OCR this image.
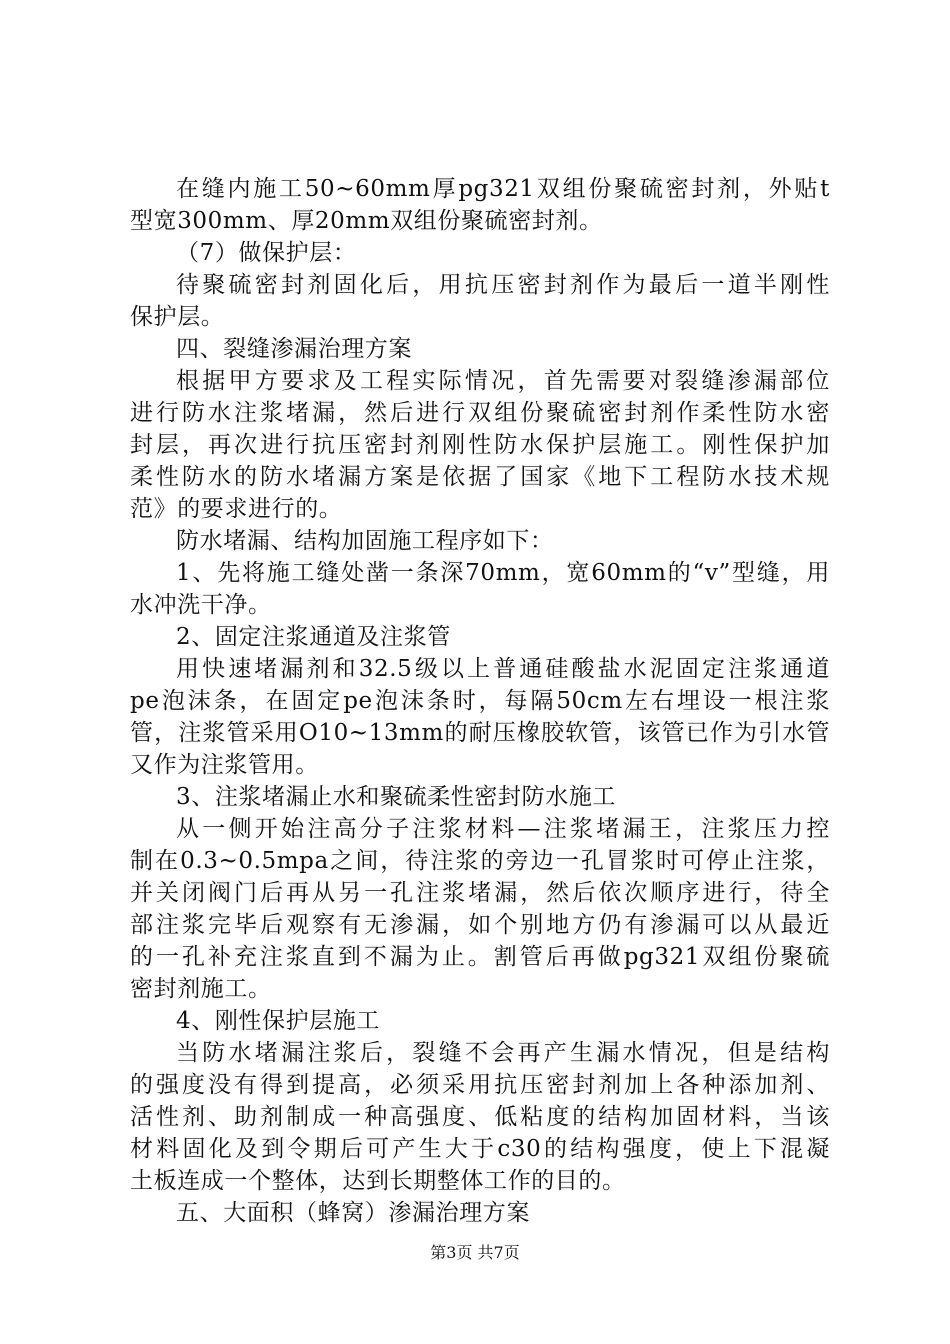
在缝内施工50~60mm厚pg321双组份聚硫密封剂，外贴t
型宽300mm、厚20mm双组份聚硫密封剂。
（7）做保护层：
待聚硫密封剂固化后，用抗压密封剂作为最后一道半刚性
保护层。
四、裂缝渗漏治理方案
根据甲方要求及工程实际情况，首先需要对裂缝渗漏部位
进行防水注浆堵漏，然后进行双组份聚硫密封剂作柔性防水密
封层，再次进行抗压密封剂刚性防水保护层施工。刚性保护加
柔性防水的防水堵漏方案是依据了国家《地下工程防水技术规
范》的要求进行的。
防水堵漏、结构加固施工程序如下：
1、先将施工缝处凿一条深70mm，宽60mm的“v”型缝，用
水冲洗干净。
2、固定注浆通道及注浆管
用快速堵漏剂和32.5级以上普通硅酸盐水泥固定注浆通道
pe泡沫条，在固定pe泡沫条时，每隔50cm左右埋设一根注浆
管，注浆管采用O10~13mm的耐压橡胶软管，该管已作为引水管
又作为注浆管用。
3、注浆堵漏止水和聚硫柔性密封防水施工
从一侧开始注高分子注浆材料—注浆堵漏王，注浆压力控
制在0.3~0.5mpa之间，待注浆的旁边一孔冒浆时可停止注浆，
并关闭阀门后再从另一孔注浆堵漏，然后依次顺序进行，待全
部注浆完毕后观察有无渗漏，如个别地方仍有渗漏可以从最近
的一孔补充注浆直到不漏为止。割管后再做pg321双组份聚硫
密封剂施工。
4、刚性保护层施工
当防水堵漏注浆后，裂缝不会再产生漏水情况，但是结构
的强度没有得到提高，必须采用抗压密封剂加上各种添加剂、
活性剂、助剂制成一种高强度、低粘度的结构加固材料，当该
材料固化及到令期后可产生大于c30的结构强度，使上下混凝
土板连成一个整体，达到长期整体工作的目的。
五、大面积（蜂窝）渗漏治理方案
第3页 共7页
